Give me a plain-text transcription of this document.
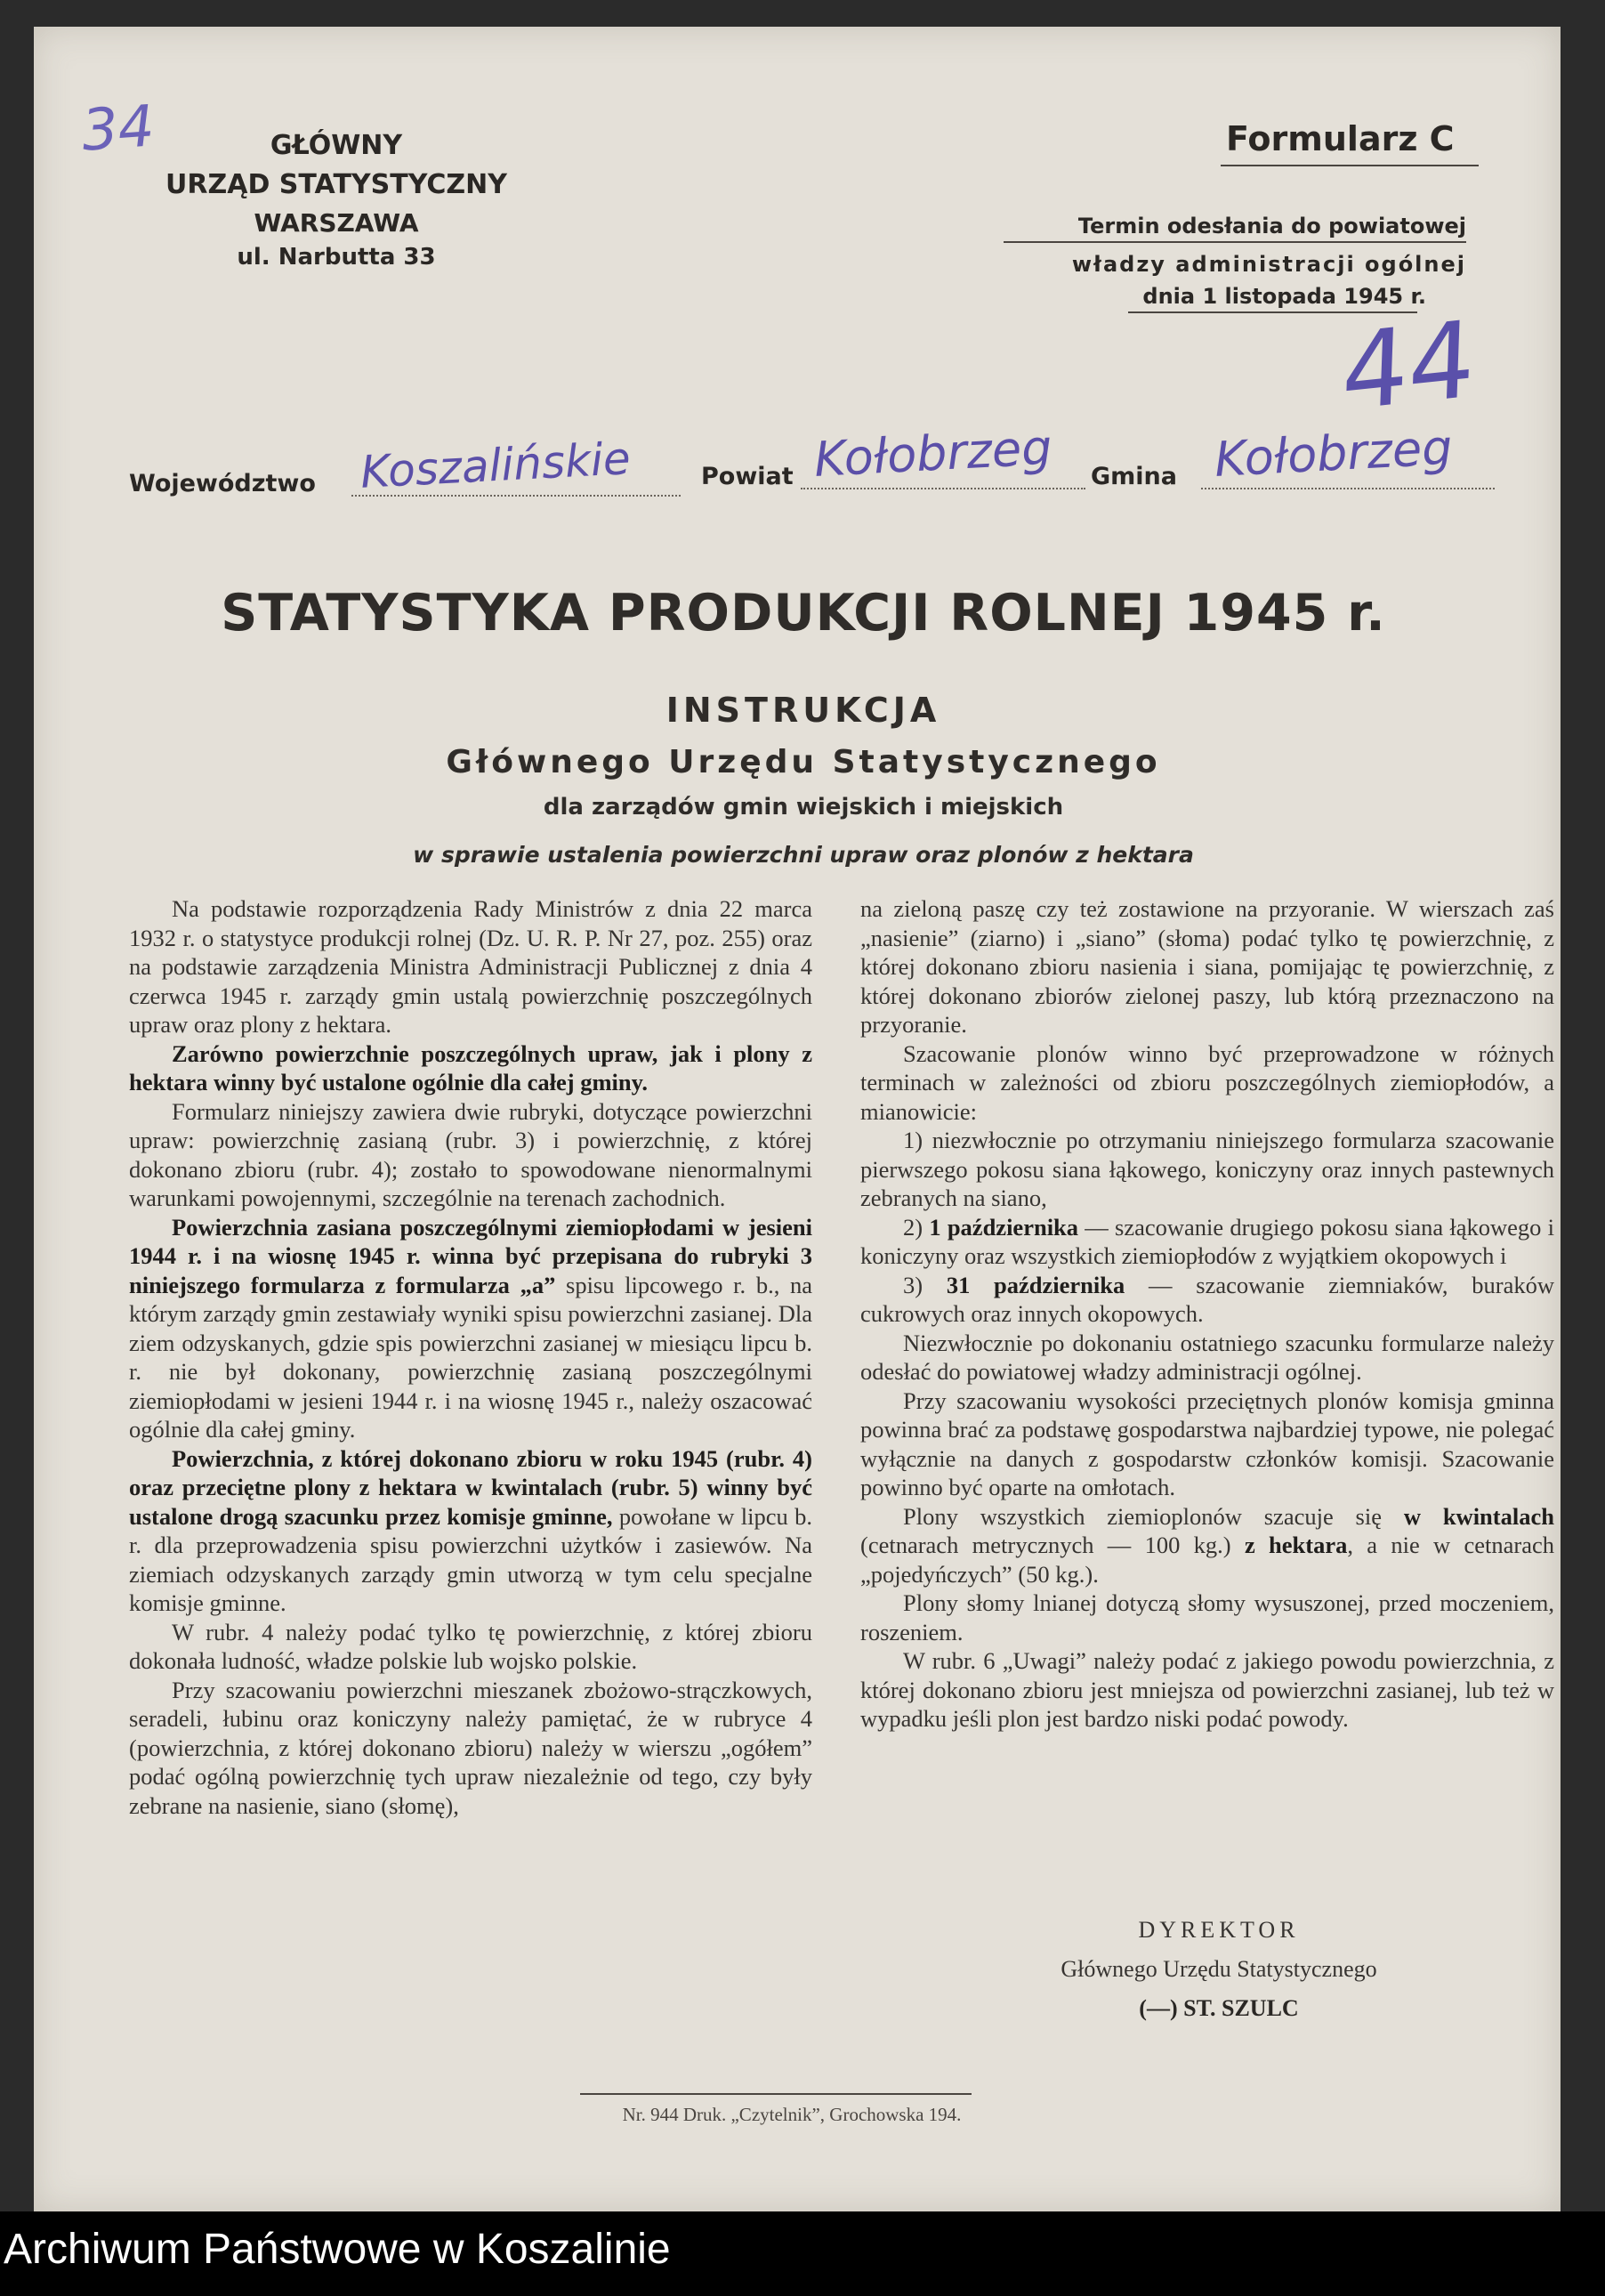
34	GŁÓWNY
URZĄD STATYSTYCZNY
WARSZAWA
ul. Narbutta 33
Formularz C
Termin odesłania do powiatowej
władzy administracji ogólnej
dnia 1 listopada 1945 r.
44
Województwo Koszalińskie	Powiat Kołobrzeg Gmina Kołobrzeg
STATYSTYKA PRODUKCJI ROLNEJ 1945 r.
INSTRUKCJA
Głównego Urzędu Statystycznego
dla zarządów gmin wiejskich i miejskich
w sprawie ustalenia powierzchni upraw oraz plonów z hektara

Na podstawie rozporządzenia Rady Ministrów z dnia 22 marca 1932 r. o statystyce produkcji rolnej (Dz. U. R. P. Nr 27, poz. 255) oraz na podstawie zarządzenia Ministra Administracji Publicznej z dnia 4 czerwca 1945 r. zarządy gmin ustalą powierzchnię poszczególnych upraw oraz plony z hektara.

Zarówno powierzchnie poszczególnych upraw, jak i plony z hektara winny być ustalone ogólnie dla całej gminy.

Formularz niniejszy zawiera dwie rubryki, dotyczące powierzchni upraw: powierzchnię zasianą (rubr. 3) i powierzchnię, z której dokonano zbioru (rubr. 4); zostało to spowodowane nienormalnymi warunkami powojennymi, szczególnie na terenach zachodnich.

Powierzchnia zasiana poszczególnymi ziemiopłodami w jesieni 1944 r. i na wiosnę 1945 r. winna być przepisana do rubryki 3 niniejszego formularza z formularza „a” spisu lipcowego r. b., na którym zarządy gmin zestawiały wyniki spisu powierzchni zasianej. Dla ziem odzyskanych, gdzie spis powierzchni zasianej w miesiącu lipcu b. r. nie był dokonany, powierzchnię zasianą poszczególnymi ziemiopłodami w jesieni 1944 r. i na wiosnę 1945 r., należy oszacować ogólnie dla całej gminy.

Powierzchnia, z której dokonano zbioru w roku 1945 (rubr. 4) oraz przeciętne plony z hektara w kwintalach (rubr. 5) winny być ustalone drogą szacunku przez komisje gminne, powołane w lipcu b. r. dla przeprowadzenia spisu powierzchni użytków i zasiewów. Na ziemiach odzyskanych zarządy gmin utworzą w tym celu specjalne komisje gminne.

W rubr. 4 należy podać tylko tę powierzchnię, z której zbioru dokonała ludność, władze polskie lub wojsko polskie.

Przy szacowaniu powierzchni mieszanek zbożowo-strączkowych, seradeli, łubinu oraz koniczyny należy pamiętać, że w rubryce 4 (powierzchnia, z której dokonano zbioru) należy w wierszu „ogółem” podać ogólną powierzchnię tych upraw niezależnie od tego, czy były zebrane na nasienie, siano (słomę),

na zieloną paszę czy też zostawione na przyoranie. W wierszach zaś „nasienie” (ziarno) i „siano” (słoma) podać tylko tę powierzchnię, z której dokonano zbioru nasienia i siana, pomijając tę powierzchnię, z której dokonano zbiorów zielonej paszy, lub którą przeznaczono na przyoranie.

Szacowanie plonów winno być przeprowadzone w różnych terminach w zależności od zbioru poszczególnych ziemiopłodów, a mianowicie:

1) niezwłocznie po otrzymaniu niniejszego formularza szacowanie pierwszego pokosu siana łąkowego, koniczyny oraz innych pastewnych zebranych na siano,

2) 1 października — szacowanie drugiego pokosu siana łąkowego i koniczyny oraz wszystkich ziemiopłodów z wyjątkiem okopowych i

3) 31 października — szacowanie ziemniaków, buraków cukrowych oraz innych okopowych.

Niezwłocznie po dokonaniu ostatniego szacunku formularze należy odesłać do powiatowej władzy administracji ogólnej.

Przy szacowaniu wysokości przeciętnych plonów komisja gminna powinna brać za podstawę gospodarstwa najbardziej typowe, nie polegać wyłącznie na danych z gospodarstw członków komisji. Szacowanie powinno być oparte na omłotach.

Plony wszystkich ziemioplonów szacuje się w kwintalach (cetnarach metrycznych — 100 kg.) z hektara, a nie w cetnarach „pojedyńczych” (50 kg.).

Plony słomy lnianej dotyczą słomy wysuszonej, przed moczeniem, roszeniem.

W rubr. 6 „Uwagi” należy podać z jakiego powodu powierzchnia, z której dokonano zbioru jest mniejsza od powierzchni zasianej, lub też w wypadku jeśli plon jest bardzo niski podać powody.

DYREKTOR
Głównego Urzędu Statystycznego
(—) ST. SZULC
Nr. 944 Druk. „Czytelnik”, Grochowska 194.
Archiwum Państwowe w Koszalinie
